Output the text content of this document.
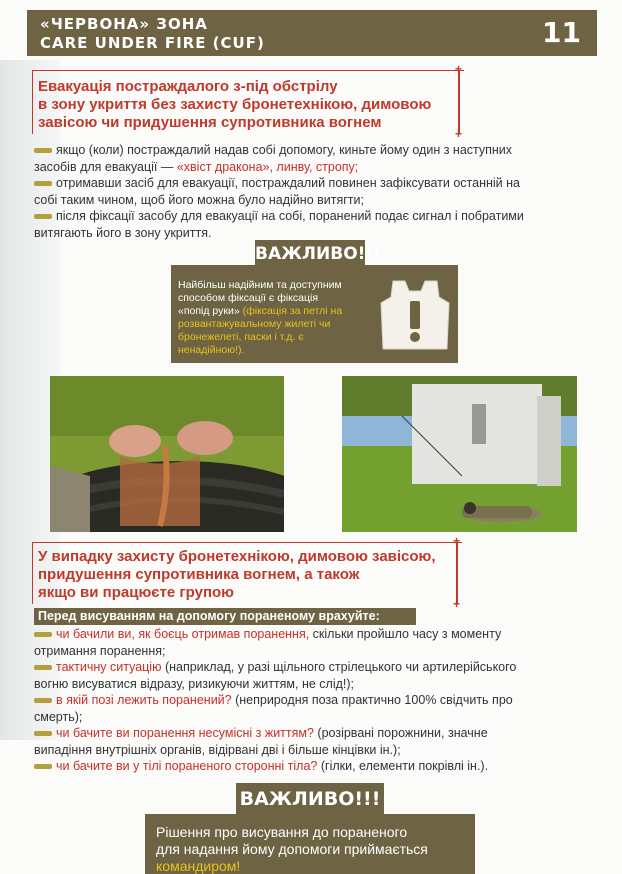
«ЧЕРВОНА» ЗОНА
CARE UNDER FIRE (CUF)	11
+
+
Евакуація постраждалого з-під обстрілу
в зону укриття без захисту бронетехнікою, димовою
завісою чи придушення супротивника вогнем
якщо (коли) постраждалий надав собі допомогу, киньте йому один з наступних
засобів для евакуації — «хвіст дракона», линву, стропу;
отримавши засіб для евакуації, постраждалий повинен зафіксувати останній на
собі таким чином, щоб його можна було надійно витягти;
після фіксації засобу для евакуації на собі, поранений подає сигнал і побратими
витягають його в зону укриття.
ВАЖЛИВО!!!
Найбільш надійним та доступним
способом фіксації є фіксація
«попід руки» (фіксація за петлі на
розвантажувальному жилеті чи
бронежелеті, паски і т.д. є
ненадійною!).
+
+
У випадку захисту бронетехнікою, димовою завісою,
придушення супротивника вогнем, а також
якщо ви працюєте групою
Перед висуванням на допомогу пораненому врахуйте:
чи бачили ви, як боєць отримав поранення, скільки пройшло часу з моменту
отримання поранення;
тактичну ситуацію (наприклад, у разі щільного стрілецького чи артилерійського
вогню висуватися відразу, ризикуючи життям, не слід!);
в якій позі лежить поранений? (неприродня поза практично 100% свідчить про
смерть);
чи бачите ви поранення несумісні з життям? (розірвані порожнини, значне
випадіння внутрішніх органів, відірвані дві і більше кінцівки ін.);
чи бачите ви у тілі пораненого сторонні тіла? (гілки, елементи покрівлі ін.).
ВАЖЛИВО!!!
Рішення про висування до пораненого
для надання йому допомоги приймається
командиром!
